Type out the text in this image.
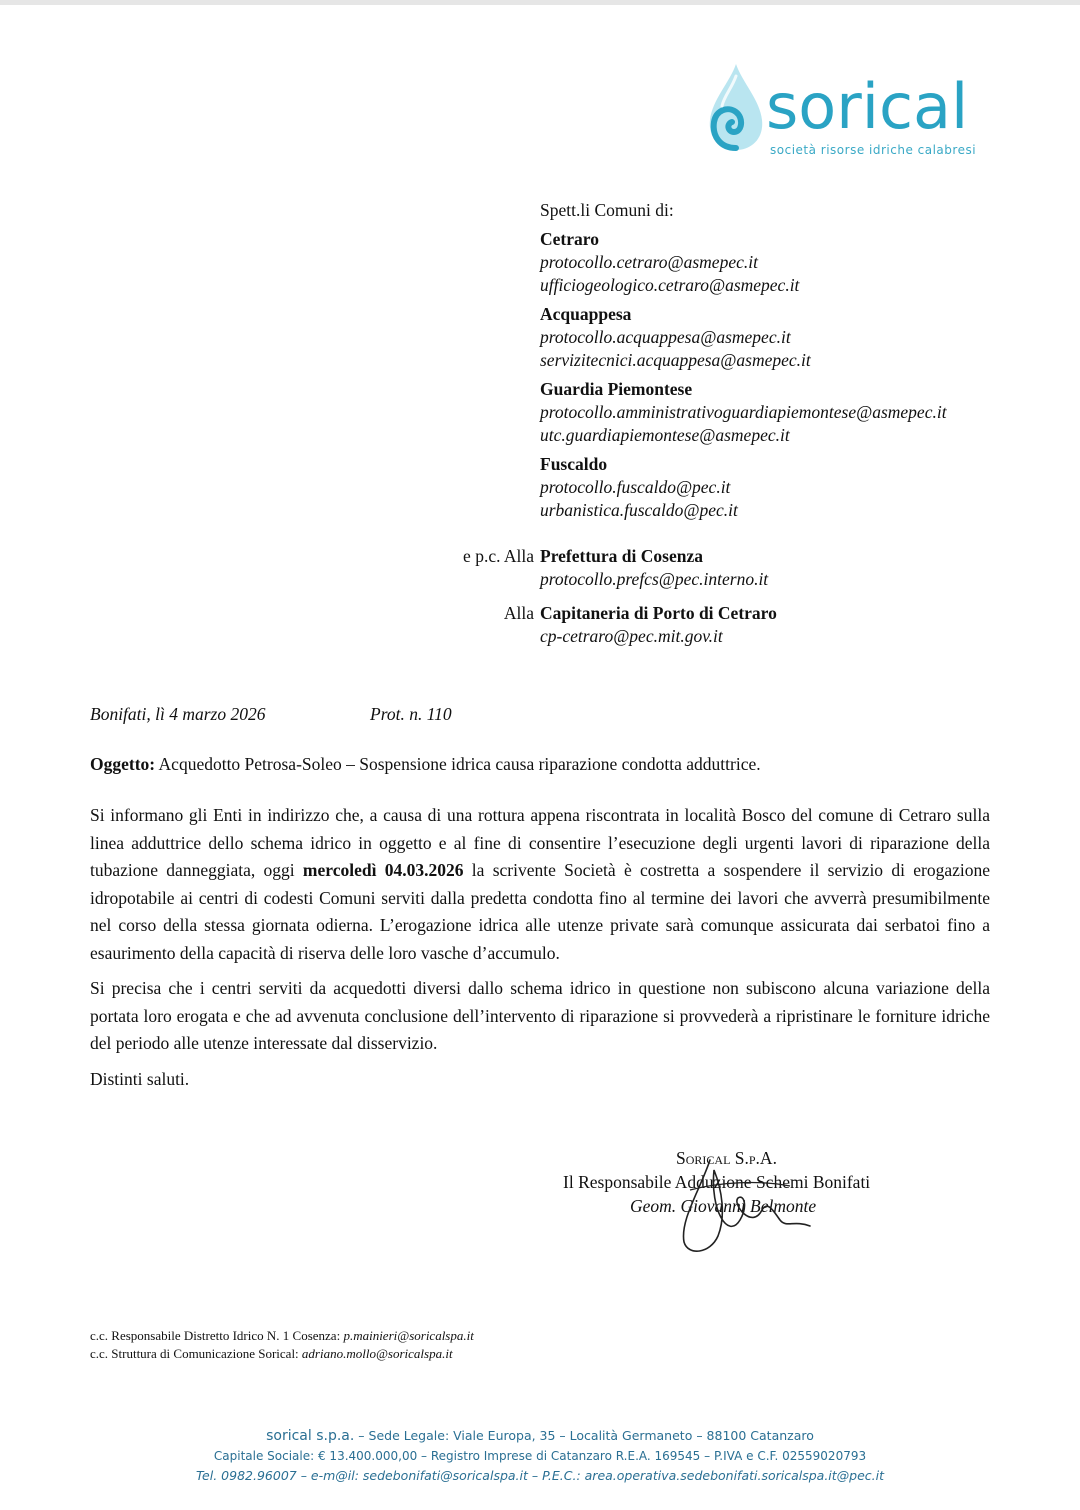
sorical
società risorse idriche calabresi
Spett.li Comuni di:
Cetraro
protocollo.cetraro@asmepec.it
ufficiogeologico.cetraro@asmepec.it
Acquappesa
protocollo.acquappesa@asmepec.it
servizitecnici.acquappesa@asmepec.it
Guardia Piemontese
protocollo.amministrativoguardiapiemontese@asmepec.it
utc.guardiapiemontese@asmepec.it
Fuscaldo
protocollo.fuscaldo@pec.it
urbanistica.fuscaldo@pec.it
e p.c. Alla Prefettura di Cosenza
protocollo.prefcs@pec.interno.it
Alla Capitaneria di Porto di Cetraro
cp-cetraro@pec.mit.gov.it
Bonifati, lì 4 marzo 2026	Prot. n. 110
Oggetto: Acquedotto Petrosa-Soleo – Sospensione idrica causa riparazione condotta adduttrice.

Si informano gli Enti in indirizzo che, a causa di una rottura appena riscontrata in località Bosco del comune di Cetraro sulla linea adduttrice dello schema idrico in oggetto e al fine di consentire l’esecuzione degli urgenti lavori di riparazione della tubazione danneggiata, oggi mercoledì 04.03.2026 la scrivente Società è costretta a sospendere il servizio di erogazione idropotabile ai centri di codesti Comuni serviti dalla predetta condotta fino al termine dei lavori che avverrà presumibilmente nel corso della stessa giornata odierna. L’erogazione idrica alle utenze private sarà comunque assicurata dai serbatoi fino a esaurimento della capacità di riserva delle loro vasche d’accumulo.

Si precisa che i centri serviti da acquedotti diversi dallo schema idrico in questione non subiscono alcuna variazione della portata loro erogata e che ad avvenuta conclusione dell’intervento di riparazione si provvederà a ripristinare le forniture idriche del periodo alle utenze interessate dal disservizio.

Distinti saluti.

Sorical S.p.A.
Il Responsabile Adduzione Schemi Bonifati
Geom. Giovanni Belmonte
c.c. Responsabile Distretto Idrico N. 1 Cosenza: p.mainieri@soricalspa.it
c.c. Struttura di Comunicazione Sorical: adriano.mollo@soricalspa.it
sorical s.p.a. – Sede Legale: Viale Europa, 35 – Località Germaneto – 88100 Catanzaro
Capitale Sociale: € 13.400.000,00 – Registro Imprese di Catanzaro R.E.A. 169545 – P.IVA e C.F. 02559020793
Tel. 0982.96007 – e-m@il: sedebonifati@soricalspa.it – P.E.C.: area.operativa.sedebonifati.soricalspa.it@pec.it
